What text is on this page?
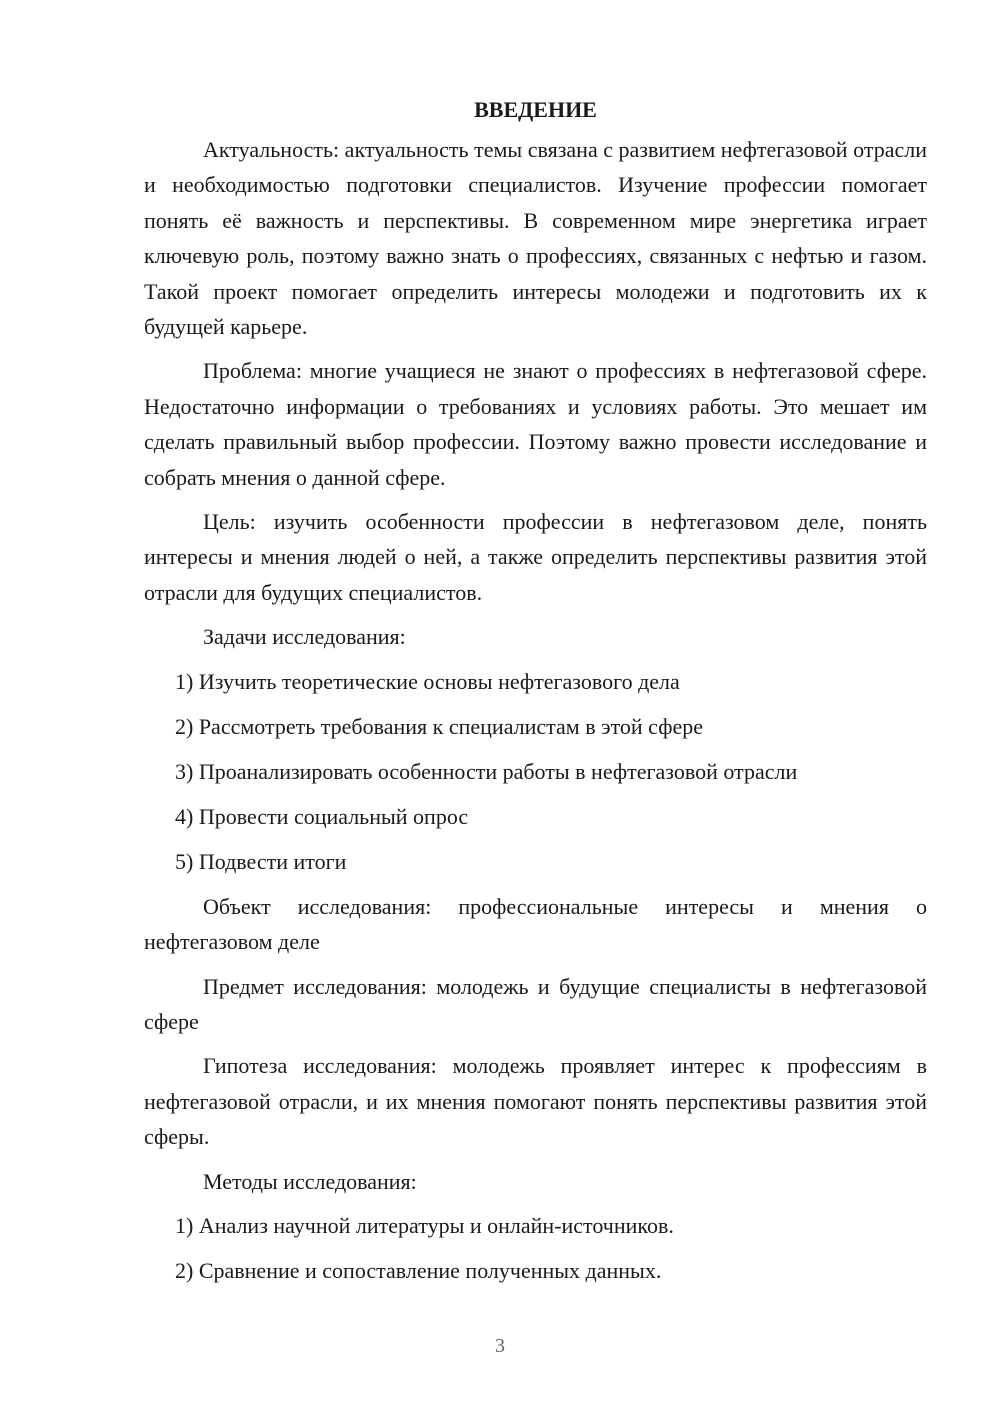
ВВЕДЕНИЕ

Актуальность: актуальность темы связана с развитием нефтегазовой отрасли и необходимостью подготовки специалистов. Изучение профессии помогает понять её важность и перспективы. В современном мире энергетика играет ключевую роль, поэтому важно знать о профессиях, связанных с нефтью и газом. Такой проект помогает определить интересы молодежи и подготовить их к будущей карьере.

Проблема: многие учащиеся не знают о профессиях в нефтегазовой сфере. Недостаточно информации о требованиях и условиях работы. Это мешает им сделать правильный выбор профессии. Поэтому важно провести исследование и собрать мнения о данной сфере.

Цель: изучить особенности профессии в нефтегазовом деле, понять интересы и мнения людей о ней, а также определить перспективы развития этой отрасли для будущих специалистов.

Задачи исследования:
1) Изучить теоретические основы нефтегазового дела
2) Рассмотреть требования к специалистам в этой сфере
3) Проанализировать особенности работы в нефтегазовой отрасли
4) Провести социальный опрос
5) Подвести итоги

Объект исследования: профессиональные интересы и мнения о нефтегазовом деле

Предмет исследования: молодежь и будущие специалисты в нефтегазовой сфере

Гипотеза исследования: молодежь проявляет интерес к профессиям в нефтегазовой отрасли, и их мнения помогают понять перспективы развития этой сферы.

Методы исследования:
1) Анализ научной литературы и онлайн-источников.
2) Сравнение и сопоставление полученных данных.
3
